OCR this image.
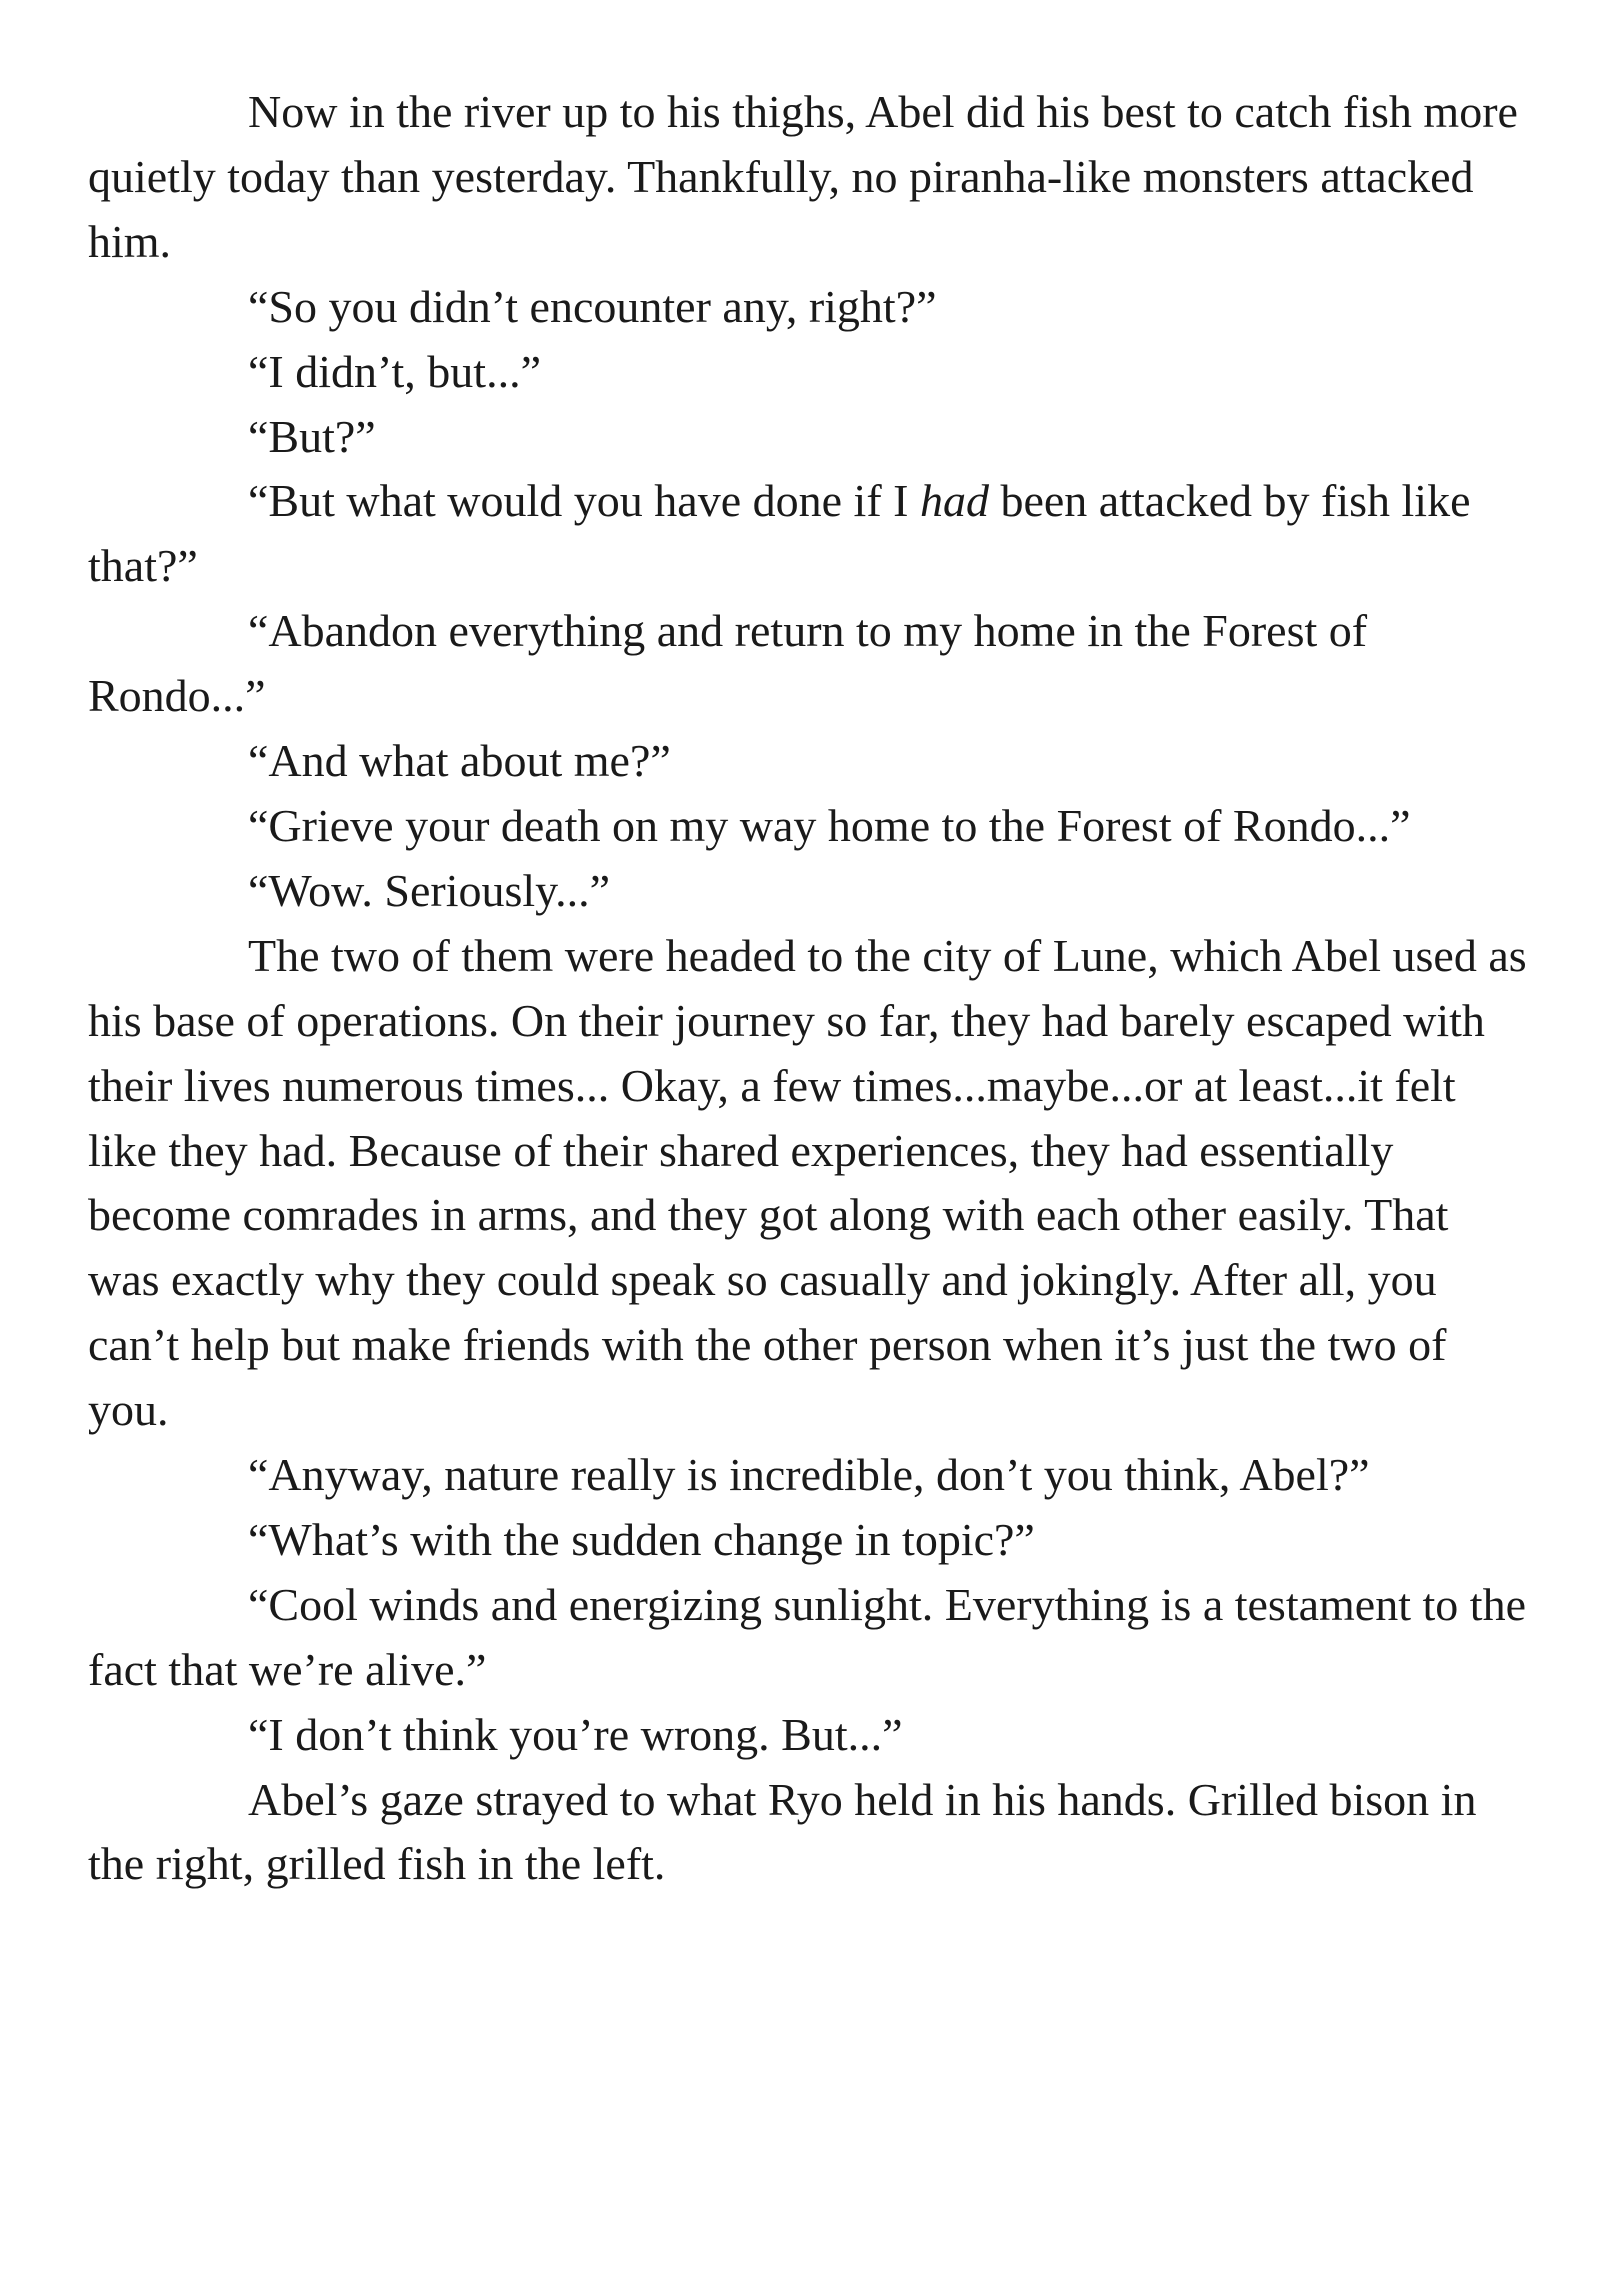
Now in the river up to his thighs, Abel did his best to catch fish more quietly today than yesterday. Thankfully, no piranha-like monsters attacked him.

“So you didn’t encounter any, right?”

“I didn’t, but...”

“But?”

“But what would you have done if I had been attacked by fish like that?”

“Abandon everything and return to my home in the Forest of Rondo...”

“And what about me?”

“Grieve your death on my way home to the Forest of Rondo...”

“Wow. Seriously...”

The two of them were headed to the city of Lune, which Abel used as his base of operations. On their journey so far, they had barely escaped with their lives numerous times... Okay, a few times...maybe...or at least...it felt like they had. Because of their shared experiences, they had essentially become comrades in arms, and they got along with each other easily. That was exactly why they could speak so casually and jokingly. After all, you can’t help but make friends with the other person when it’s just the two of you.

“Anyway, nature really is incredible, don’t you think, Abel?”

“What’s with the sudden change in topic?”

“Cool winds and energizing sunlight. Everything is a testament to the fact that we’re alive.”

“I don’t think you’re wrong. But...”

Abel’s gaze strayed to what Ryo held in his hands. Grilled bison in the right, grilled fish in the left.
